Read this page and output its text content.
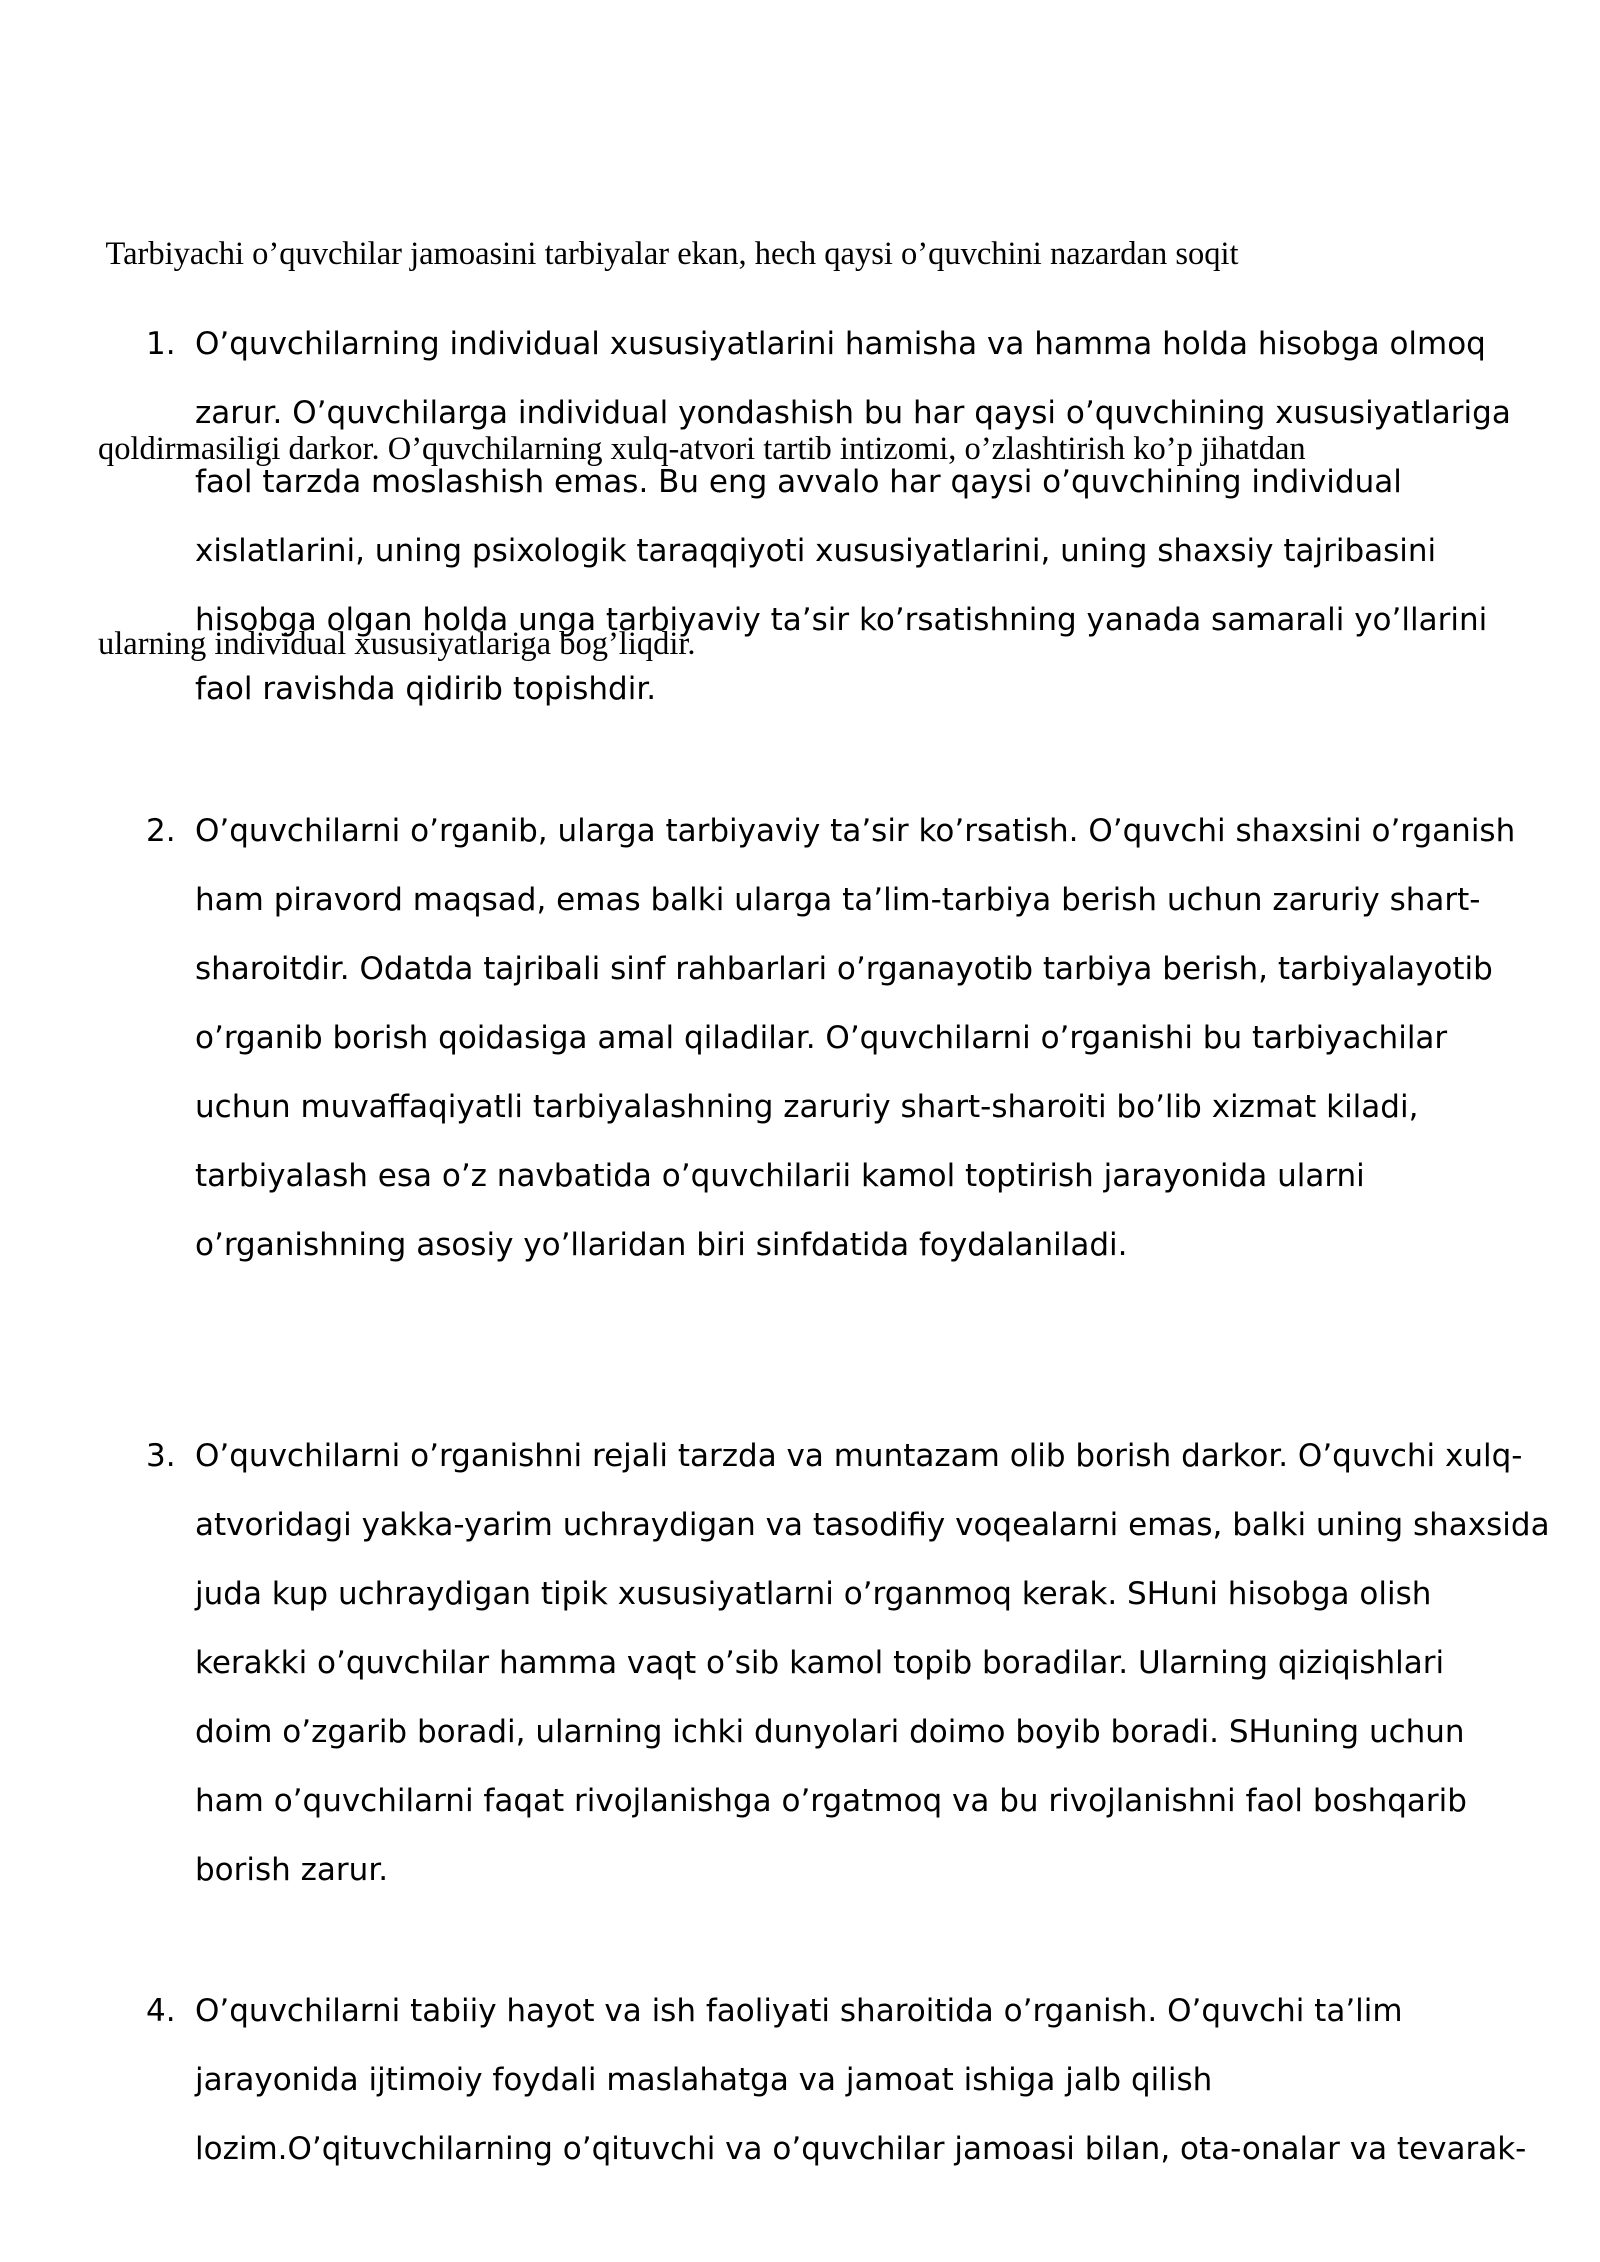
Tarbiyachi o’quvchilar jamoasini tarbiyalar ekan, hech qaysi o’quvchini nazardan soqit

qoldirmasiligi darkor. O’quvchilarning xulq-atvori tartib intizomi, o’zlashtirish ko’p jihatdan

ularning individual xususiyatlariga bog’liqdir.

1. O’quvchilarning individual xususiyatlarini hamisha va hamma holda hisobga olmoq
zarur. O’quvchilarga individual yondashish bu har qaysi o’quvchining xususiyatlariga
faol tarzda moslashish emas. Bu eng avvalo har qaysi o’quvchining individual
xislatlarini, uning psixologik taraqqiyoti xususiyatlarini, uning shaxsiy tajribasini
hisobga olgan holda unga tarbiyaviy ta’sir ko’rsatishning yanada samarali yo’llarini
faol ravishda qidirib topishdir.
2. O’quvchilarni o’rganib, ularga tarbiyaviy ta’sir ko’rsatish. O’quvchi shaxsini o’rganish
ham piravord maqsad, emas balki ularga ta’lim-tarbiya berish uchun zaruriy shart-
sharoitdir. Odatda tajribali sinf rahbarlari o’rganayotib tarbiya berish, tarbiyalayotib
o’rganib borish qoidasiga amal qiladilar. O’quvchilarni o’rganishi bu tarbiyachilar
uchun muvaffaqiyatli tarbiyalashning zaruriy shart-sharoiti bo’lib xizmat kiladi,
tarbiyalash esa o’z navbatida o’quvchilarii kamol toptirish jarayonida ularni
o’rganishning asosiy yo’llaridan biri sinfdatida foydalaniladi.
3. O’quvchilarni o’rganishni rejali tarzda va muntazam olib borish darkor. O’quvchi xulq-
atvoridagi yakka-yarim uchraydigan va tasodifiy voqealarni emas, balki uning shaxsida
juda kup uchraydigan tipik xususiyatlarni o’rganmoq kerak. SHuni hisobga olish
kerakki o’quvchilar hamma vaqt o’sib kamol topib boradilar. Ularning qiziqishlari
doim o’zgarib boradi, ularning ichki dunyolari doimo boyib boradi. SHuning uchun
ham o’quvchilarni faqat rivojlanishga o’rgatmoq va bu rivojlanishni faol boshqarib
borish zarur.
4. O’quvchilarni tabiiy hayot va ish faoliyati sharoitida o’rganish. O’quvchi ta’lim
jarayonida ijtimoiy foydali maslahatga va jamoat ishiga jalb qilish
lozim.O’qituvchilarning o’qituvchi va o’quvchilar jamoasi bilan, ota-onalar va tevarak-
